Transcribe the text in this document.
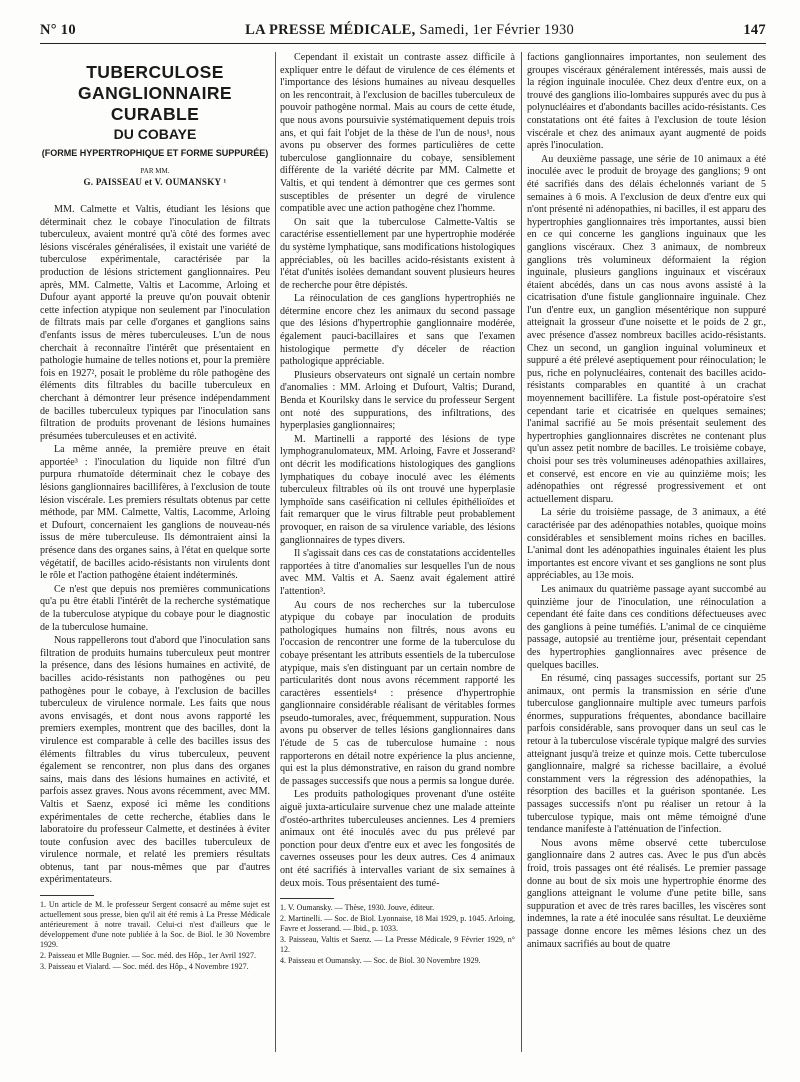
N° 10	LA PRESSE MÉDICALE, Samedi, 1er Février 1930	147
TUBERCULOSE GANGLIONNAIRE CURABLE
DU COBAYE
(FORME HYPERTROPHIQUE ET FORME SUPPURÉE)
PAR MM.
G. PAISSEAU et V. OUMANSKY ¹

MM. Calmette et Valtis, étudiant les lésions que déterminait chez le cobaye l'inoculation de filtrats tuberculeux, avaient montré qu'à côté des formes avec lésions viscérales généralisées, il existait une variété de tuberculose expérimentale, caractérisée par la production de lésions strictement ganglionnaires. Peu après, MM. Calmette, Valtis et Lacomme, Arloing et Dufour ayant apporté la preuve qu'on pouvait obtenir cette infection atypique non seulement par l'inoculation de filtrats mais par celle d'organes et ganglions sains d'enfants issus de mères tuberculeuses. L'un de nous cherchait à reconnaître l'intérêt que présentaient en pathologie humaine de telles notions et, pour la première fois en 1927², posait le problème du rôle pathogène des éléments dits filtrables du bacille tuberculeux en cherchant à démontrer leur présence indépendamment de bacilles tuberculeux typiques par l'inoculation sans filtration de produits provenant de lésions humaines présumées tuberculeuses et en activité.

La même année, la première preuve en était apportée³ : l'inoculation du liquide non filtré d'un purpura rhumatoïde déterminait chez le cobaye des lésions ganglionnaires bacillifères, à l'exclusion de toute lésion viscérale. Les premiers résultats obtenus par cette méthode, par MM. Calmette, Valtis, Lacomme, Arloing et Dufourt, concernaient les ganglions de nouveau-nés issus de mère tuberculeuse. Ils démontraient ainsi la présence dans des organes sains, à l'état en quelque sorte végétatif, de bacilles acido-résistants non virulents dont le rôle et l'action pathogène étaient indéterminés.

Ce n'est que depuis nos premières communications qu'a pu être établi l'intérêt de la recherche systématique de la tuberculose atypique du cobaye pour le diagnostic de la tuberculose humaine.

Nous rappellerons tout d'abord que l'inoculation sans filtration de produits humains tuberculeux peut montrer la présence, dans des lésions humaines en activité, de bacilles acido-résistants non pathogènes ou peu pathogènes pour le cobaye, à l'exclusion de bacilles tuberculeux de virulence normale. Les faits que nous avons envisagés, et dont nous avons rapporté les premiers exemples, montrent que des bacilles, dont la virulence est comparable à celle des bacilles issus des éléments filtrables du virus tuberculeux, peuvent également se rencontrer, non plus dans des organes sains, mais dans des lésions humaines en activité, et parfois assez graves. Nous avons récemment, avec MM. Valtis et Saenz, exposé ici même les conditions expérimentales de cette recherche, établies dans le laboratoire du professeur Calmette, et destinées à éviter toute confusion avec des bacilles tuberculeux de virulence normale, et relaté les premiers résultats obtenus, tant par nous-mêmes que par d'autres expérimentateurs.

1. Un article de M. le professeur Sergent consacré au même sujet est actuellement sous presse, bien qu'il ait été remis à La Presse Médicale antérieurement à notre travail. Celui-ci n'est d'ailleurs que le développement d'une note publiée à la Soc. de Biol. le 30 Novembre 1929.

2. Paisseau et Mlle Bugnier. — Soc. méd. des Hôp., 1er Avril 1927.

3. Paisseau et Vialard. — Soc. méd. des Hôp., 4 Novembre 1927.

Cependant il existait un contraste assez difficile à expliquer entre le défaut de virulence de ces éléments et l'importance des lésions humaines au niveau desquelles on les rencontrait, à l'exclusion de bacilles tuberculeux de pouvoir pathogène normal. Mais au cours de cette étude, que nous avons poursuivie systématiquement depuis trois ans, et qui fait l'objet de la thèse de l'un de nous¹, nous avons pu observer des formes particulières de cette tuberculose ganglionnaire du cobaye, sensiblement différente de la variété décrite par MM. Calmette et Valtis, et qui tendent à démontrer que ces germes sont susceptibles de présenter un degré de virulence compatible avec une action pathogène chez l'homme.

On sait que la tuberculose Calmette-Valtis se caractérise essentiellement par une hypertrophie modérée du système lymphatique, sans modifications histologiques appréciables, où les bacilles acido-résistants existent à l'état d'unités isolées demandant souvent plusieurs heures de recherche pour être dépistés.

La réinoculation de ces ganglions hypertrophiés ne détermine encore chez les animaux du second passage que des lésions d'hypertrophie ganglionnaire modérée, également pauci-bacillaires et sans que l'examen histologique permette d'y déceler de réaction pathologique appréciable.

Plusieurs observateurs ont signalé un certain nombre d'anomalies : MM. Arloing et Dufourt, Valtis; Durand, Benda et Kourilsky dans le service du professeur Sergent ont noté des suppurations, des infiltrations, des hyperplasies ganglionnaires;

M. Martinelli a rapporté des lésions de type lymphogranulomateux, MM. Arloing, Favre et Josserand² ont décrit les modifications histologiques des ganglions lymphatiques du cobaye inoculé avec les éléments tuberculeux filtrables où ils ont trouvé une hyperplasie lymphoïde sans caséification ni cellules épithélioïdes et fait remarquer que le virus filtrable peut probablement provoquer, en raison de sa virulence variable, des lésions ganglionnaires de types divers.

Il s'agissait dans ces cas de constatations accidentelles rapportées à titre d'anomalies sur lesquelles l'un de nous avec MM. Valtis et A. Saenz avait également attiré l'attention³.

Au cours de nos recherches sur la tuberculose atypique du cobaye par inoculation de produits pathologiques humains non filtrés, nous avons eu l'occasion de rencontrer une forme de la tuberculose du cobaye présentant les attributs essentiels de la tuberculose atypique, mais s'en distinguant par un certain nombre de particularités dont nous avons récemment rapporté les caractères essentiels⁴ : présence d'hypertrophie ganglionnaire considérable réalisant de véritables formes pseudo-tumorales, avec, fréquemment, suppuration. Nous avons pu observer de telles lésions ganglionnaires dans l'étude de 5 cas de tuberculose humaine : nous rapporterons en détail notre expérience la plus ancienne, qui est la plus démonstrative, en raison du grand nombre de passages successifs que nous a permis sa longue durée.

Les produits pathologiques provenant d'une ostéite aiguë juxta-articulaire survenue chez une malade atteinte d'ostéo-arthrites tuberculeuses anciennes. Les 4 premiers animaux ont été inoculés avec du pus prélevé par ponction pour deux d'entre eux et avec les fongosités de cavernes osseuses pour les deux autres. Ces 4 animaux ont été sacrifiés à intervalles variant de six semaines à deux mois. Tous présentaient des tumé-

1. V. Oumansky. — Thèse, 1930. Jouve, éditeur.

2. Martinelli. — Soc. de Biol. Lyonnaise, 18 Mai 1929, p. 1045. Arloing, Favre et Josserand. — Ibid., p. 1033.

3. Paisseau, Valtis et Saenz. — La Presse Médicale, 9 Février 1929, n° 12.

4. Paisseau et Oumansky. — Soc. de Biol. 30 Novembre 1929.

factions ganglionnaires importantes, non seulement des groupes viscéraux généralement intéressés, mais aussi de la région inguinale inoculée. Chez deux d'entre eux, on a trouvé des ganglions ilio-lombaires suppurés avec du pus à polynucléaires et d'abondants bacilles acido-résistants. Ces constatations ont été faites à l'exclusion de toute lésion viscérale et chez des animaux ayant augmenté de poids après l'inoculation.

Au deuxième passage, une série de 10 animaux a été inoculée avec le produit de broyage des ganglions; 9 ont été sacrifiés dans des délais échelonnés variant de 5 semaines à 6 mois. A l'exclusion de deux d'entre eux qui n'ont présenté ni adénopathies, ni bacilles, il est apparu des hypertrophies ganglionnaires très importantes, aussi bien en ce qui concerne les ganglions inguinaux que les ganglions viscéraux. Chez 3 animaux, de nombreux ganglions très volumineux déformaient la région inguinale, plusieurs ganglions inguinaux et viscéraux étaient abcédés, dans un cas nous avons assisté à la cicatrisation d'une fistule ganglionnaire inguinale. Chez l'un d'entre eux, un ganglion mésentérique non suppuré atteignait la grosseur d'une noisette et le poids de 2 gr., avec présence d'assez nombreux bacilles acido-résistants. Chez un second, un ganglion inguinal volumineux et suppuré a été prélevé aseptiquement pour réinoculation; le pus, riche en polynucléaires, contenait des bacilles acido-résistants comparables en quantité à un crachat moyennement bacillifère. La fistule post-opératoire s'est cependant tarie et cicatrisée en quelques semaines; l'animal sacrifié au 5e mois présentait seulement des hypertrophies ganglionnaires discrètes ne contenant plus qu'un assez petit nombre de bacilles. Le troisième cobaye, choisi pour ses très volumineuses adénopathies axillaires, et conservé, est encore en vie au quinzième mois; les adénopathies ont régressé progressivement et ont actuellement disparu.

La série du troisième passage, de 3 animaux, a été caractérisée par des adénopathies notables, quoique moins considérables et sensiblement moins riches en bacilles. L'animal dont les adénopathies inguinales étaient les plus importantes est encore vivant et ses ganglions ne sont plus appréciables, au 13e mois.

Les animaux du quatrième passage ayant succombé au quinzième jour de l'inoculation, une réinoculation a cependant été faite dans ces conditions défectueuses avec des ganglions à peine tuméfiés. L'animal de ce cinquième passage, autopsié au trentième jour, présentait cependant des hypertrophies ganglionnaires avec présence de quelques bacilles.

En résumé, cinq passages successifs, portant sur 25 animaux, ont permis la transmission en série d'une tuberculose ganglionnaire multiple avec tumeurs parfois énormes, suppurations fréquentes, abondance bacillaire parfois considérable, sans provoquer dans un seul cas le retour à la tuberculose viscérale typique malgré des survies atteignant jusqu'à treize et quinze mois. Cette tuberculose ganglionnaire, malgré sa richesse bacillaire, a évolué constamment vers la régression des adénopathies, la résorption des bacilles et la guérison spontanée. Les passages successifs n'ont pu réaliser un retour à la tuberculose typique, mais ont même témoigné d'une tendance manifeste à l'atténuation de l'infection.

Nous avons même observé cette tuberculose ganglionnaire dans 2 autres cas. Avec le pus d'un abcès froid, trois passages ont été réalisés. Le premier passage donne au bout de six mois une hypertrophie énorme des ganglions atteignant le volume d'une petite bille, sans suppuration et avec de très rares bacilles, les viscères sont indemnes, la rate a été inoculée sans résultat. Le deuxième passage donne encore les mêmes lésions chez un des animaux sacrifiés au bout de quatre
